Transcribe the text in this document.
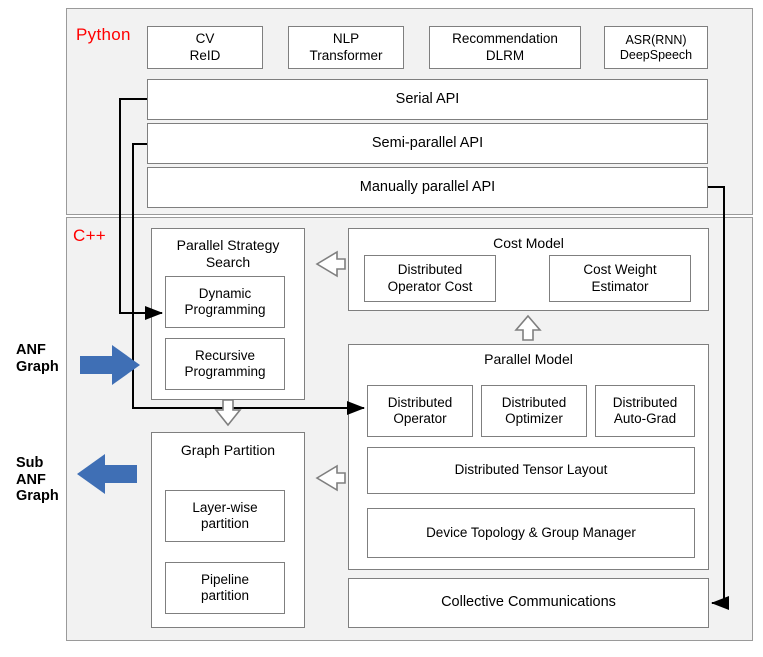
Python	CV
ReID
NLP
Transformer
Recommendation
DLRM
ASR(RNN)
DeepSpeech
Serial API
Semi-parallel API
Manually parallel API
C++	Parallel Strategy
Search
Dynamic
Programming
Recursive
Programming
Graph Partition
Layer-wise
partition
Pipeline
partition
Cost Model
Distributed
Operator Cost
Cost Weight
Estimator
Parallel Model
Distributed
Operator
Distributed
Optimizer
Distributed
Auto-Grad
Distributed Tensor Layout
Device Topology & Group Manager
Collective Communications
ANF
Graph
Sub
ANF
Graph
